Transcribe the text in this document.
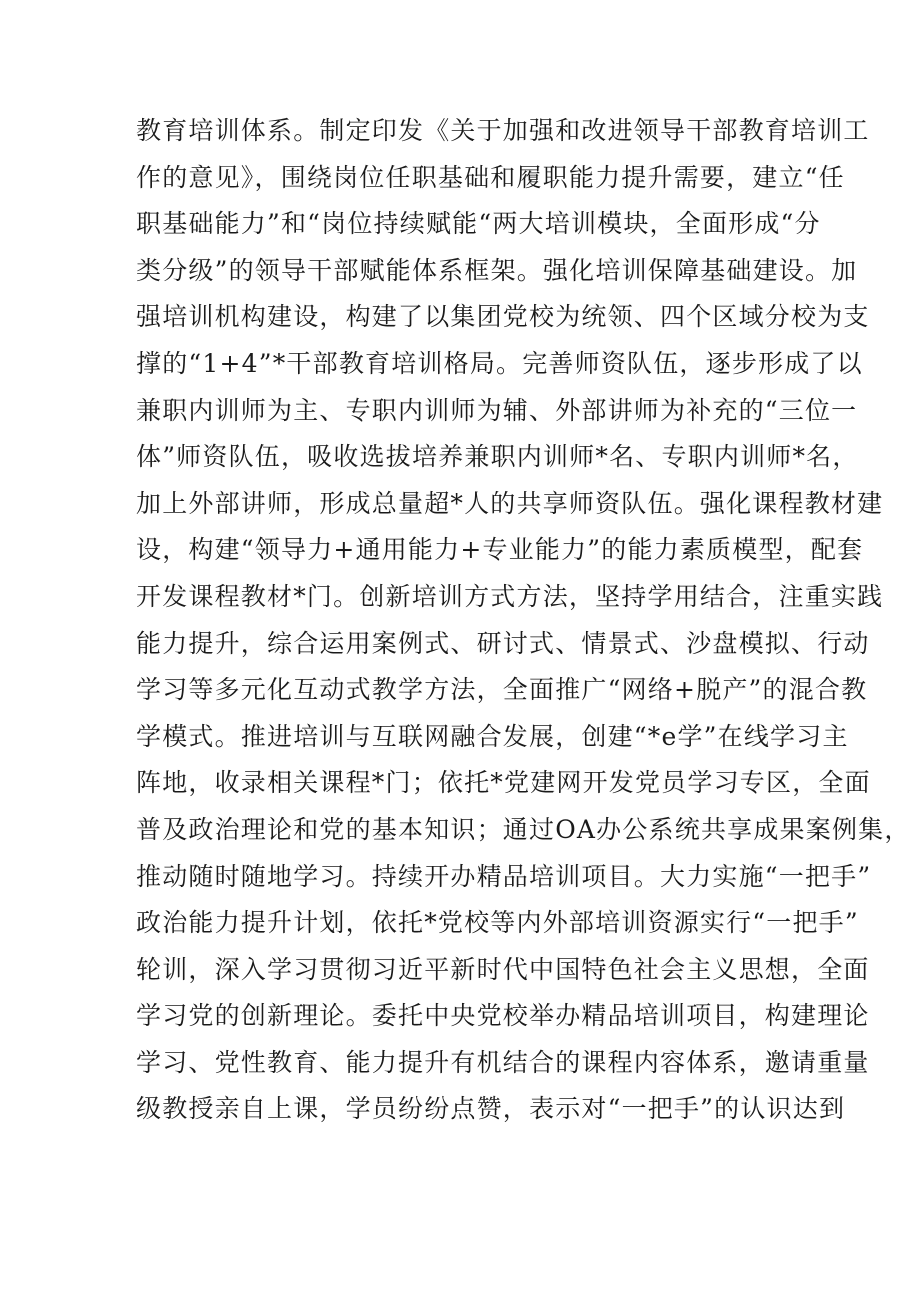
教育培训体系。制定印发《关于加强和改进领导干部教育培训工
作的意见》，围绕岗位任职基础和履职能力提升需要，建立“任
职基础能力”和“岗位持续赋能“两大培训模块，全面形成“分
类分级”的领导干部赋能体系框架。强化培训保障基础建设。加
强培训机构建设，构建了以集团党校为统领、四个区域分校为支
撑的“1+4”*干部教育培训格局。完善师资队伍，逐步形成了以
兼职内训师为主、专职内训师为辅、外部讲师为补充的“三位一
体”师资队伍，吸收选拔培养兼职内训师*名、专职内训师*名，
加上外部讲师，形成总量超*人的共享师资队伍。强化课程教材建
设，构建“领导力+通用能力+专业能力”的能力素质模型，配套
开发课程教材*门。创新培训方式方法，坚持学用结合，注重实践
能力提升，综合运用案例式、研讨式、情景式、沙盘模拟、行动
学习等多元化互动式教学方法，全面推广“网络+脱产”的混合教
学模式。推进培训与互联网融合发展，创建“*e学”在线学习主
阵地，收录相关课程*门；依托*党建网开发党员学习专区，全面
普及政治理论和党的基本知识；通过OA办公系统共享成果案例集，
推动随时随地学习。持续开办精品培训项目。大力实施“一把手”
政治能力提升计划，依托*党校等内外部培训资源实行“一把手”
轮训，深入学习贯彻习近平新时代中国特色社会主义思想，全面
学习党的创新理论。委托中央党校举办精品培训项目，构建理论
学习、党性教育、能力提升有机结合的课程内容体系，邀请重量
级教授亲自上课，学员纷纷点赞，表示对“一把手”的认识达到
